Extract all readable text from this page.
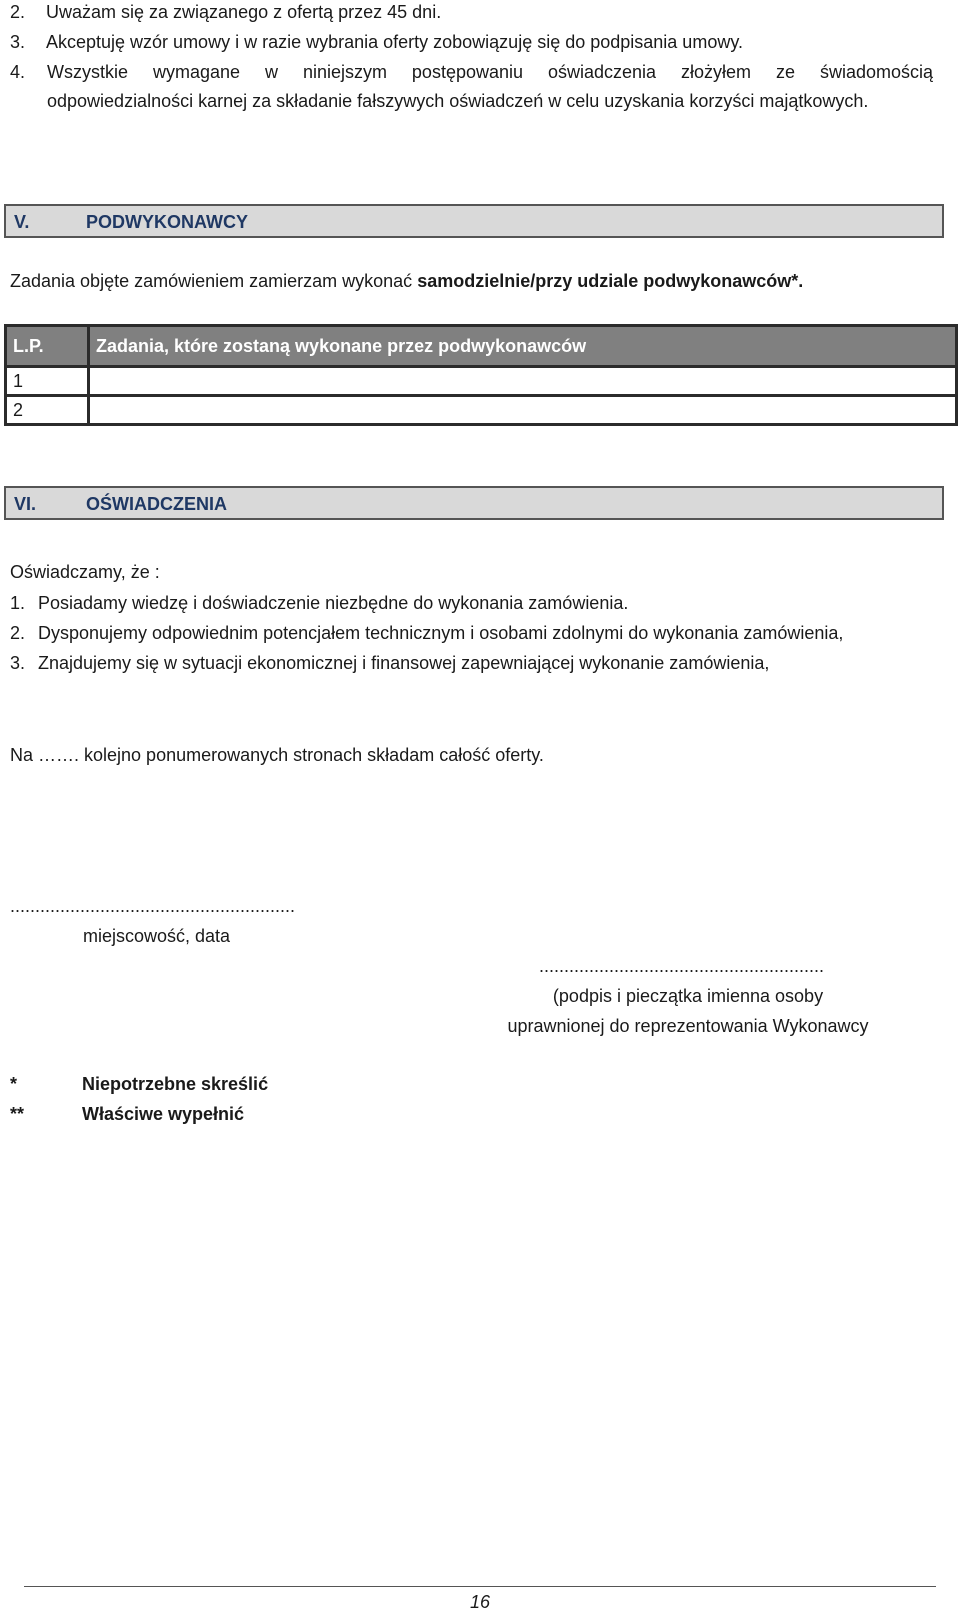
2. Uważam się za związanego z ofertą przez 45 dni.
3. Akceptuję wzór umowy i w razie wybrania oferty zobowiązuję się do podpisania umowy.
4.	Wszystkie wymagane w niniejszym postępowaniu oświadczenia złożyłem ze świadomością
odpowiedzialności karnej za składanie fałszywych oświadczeń w celu uzyskania korzyści majątkowych.
V.	PODWYKONAWCY
Zadania objęte zamówieniem zamierzam wykonać samodzielnie/przy udziale podwykonawców*.
L.P.	Zadania, które zostaną wykonane przez podwykonawców
1	
2	
VI.	OŚWIADCZENIA
Oświadczamy, że :
1. Posiadamy wiedzę i doświadczenie niezbędne do wykonania zamówienia.
2. Dysponujemy odpowiednim potencjałem technicznym i osobami zdolnymi do wykonania zamówienia,
3. Znajdujemy się w sytuacji ekonomicznej i finansowej zapewniającej wykonanie zamówienia,
Na ……. kolejno ponumerowanych stronach składam całość oferty.
.........................................................
miejscowość, data
.........................................................
(podpis i pieczątka imienna osoby
uprawnionej do reprezentowania Wykonawcy
*	Niepotrzebne skreślić
**	Właściwe wypełnić
16
